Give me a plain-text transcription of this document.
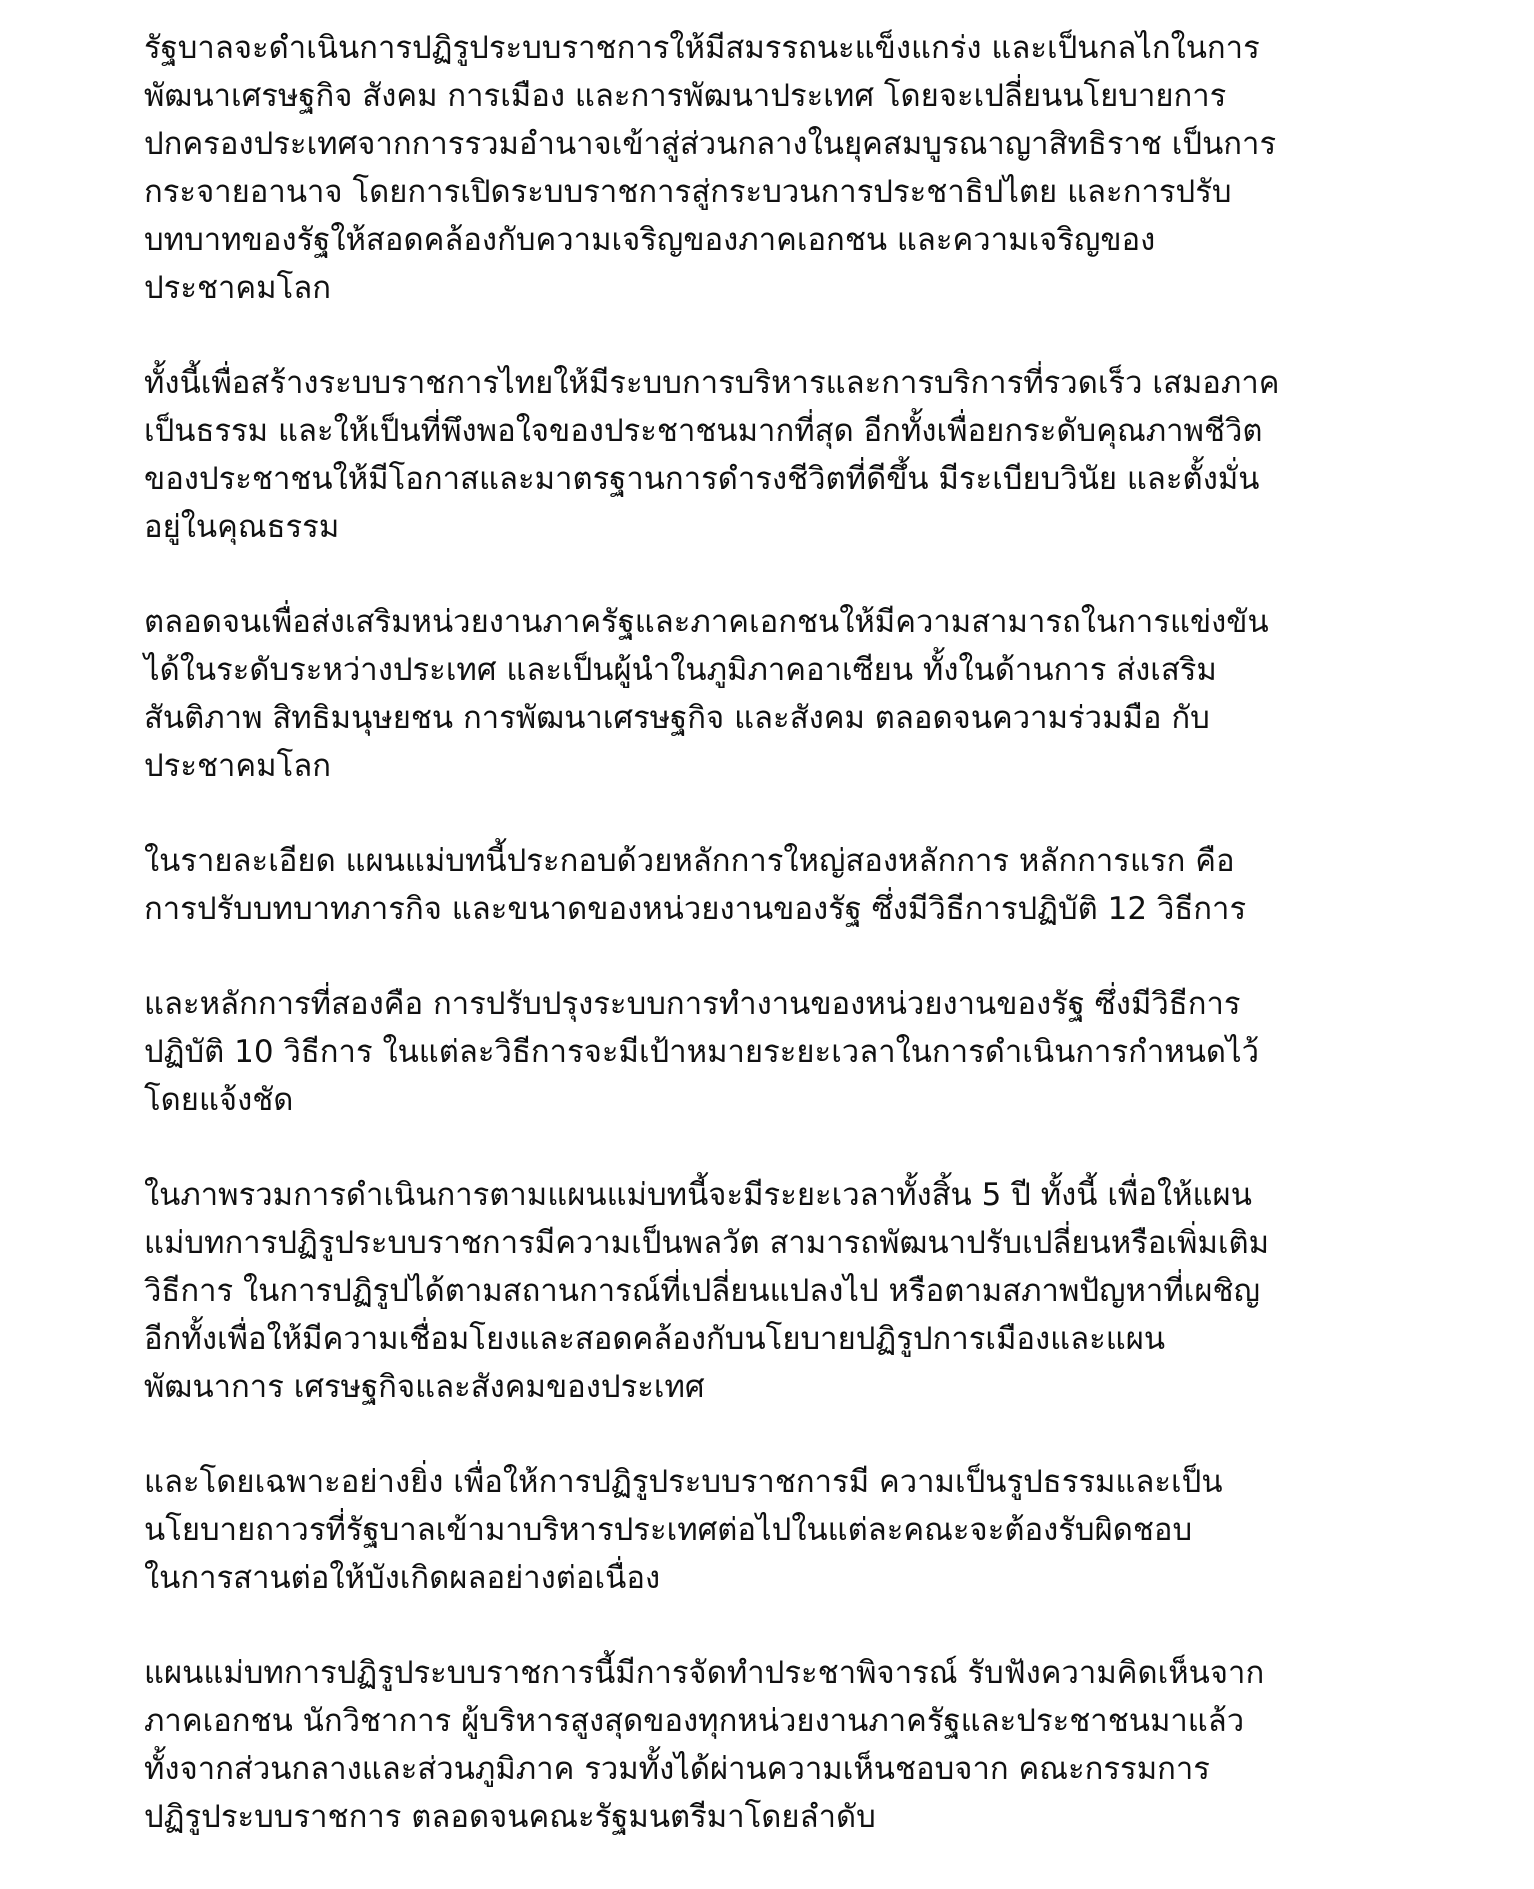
รัฐบาลจะดำเนินการปฏิรูประบบราชการให้มีสมรรถนะแข็งแกร่ง และเป็นกลไกในการ
พัฒนาเศรษฐกิจ สังคม การเมือง และการพัฒนาประเทศ โดยจะเปลี่ยนนโยบายการ
ปกครองประเทศจากการรวมอำนาจเข้าสู่ส่วนกลางในยุคสมบูรณาญาสิทธิราช เป็นการ
กระจายอานาจ โดยการเปิดระบบราชการสู่กระบวนการประชาธิปไตย และการปรับ
บทบาทของรัฐให้สอดคล้องกับความเจริญของภาคเอกชน และความเจริญของ
ประชาคมโลก

ทั้งนี้เพื่อสร้างระบบราชการไทยให้มีระบบการบริหารและการบริการที่รวดเร็ว เสมอภาค
เป็นธรรม และให้เป็นที่พึงพอใจของประชาชนมากที่สุด อีกทั้งเพื่อยกระดับคุณภาพชีวิต
ของประชาชนให้มีโอกาสและมาตรฐานการดำรงชีวิตที่ดีขึ้น มีระเบียบวินัย และตั้งมั่น
อยู่ในคุณธรรม

ตลอดจนเพื่อส่งเสริมหน่วยงานภาครัฐและภาคเอกชนให้มีความสามารถในการแข่งขัน
ได้ในระดับระหว่างประเทศ และเป็นผู้นำในภูมิภาคอาเซียน ทั้งในด้านการ ส่งเสริม
สันติภาพ สิทธิมนุษยชน การพัฒนาเศรษฐกิจ และสังคม ตลอดจนความร่วมมือ กับ
ประชาคมโลก

ในรายละเอียด แผนแม่บทนี้ประกอบด้วยหลักการใหญ่สองหลักการ หลักการแรก คือ
การปรับบทบาทภารกิจ และขนาดของหน่วยงานของรัฐ ซึ่งมีวิธีการปฏิบัติ 12 วิธีการ

และหลักการที่สองคือ การปรับปรุงระบบการทำงานของหน่วยงานของรัฐ ซึ่งมีวิธีการ
ปฏิบัติ 10 วิธีการ ในแต่ละวิธีการจะมีเป้าหมายระยะเวลาในการดำเนินการกำหนดไว้
โดยแจ้งชัด

ในภาพรวมการดำเนินการตามแผนแม่บทนี้จะมีระยะเวลาทั้งสิ้น 5 ปี ทั้งนี้ เพื่อให้แผน
แม่บทการปฏิรูประบบราชการมีความเป็นพลวัต สามารถพัฒนาปรับเปลี่ยนหรือเพิ่มเติม
วิธีการ ในการปฏิรูปได้ตามสถานการณ์ที่เปลี่ยนแปลงไป หรือตามสภาพปัญหาที่เผชิญ
อีกทั้งเพื่อให้มีความเชื่อมโยงและสอดคล้องกับนโยบายปฏิรูปการเมืองและแผน
พัฒนาการ เศรษฐกิจและสังคมของประเทศ

และโดยเฉพาะอย่างยิ่ง เพื่อให้การปฏิรูประบบราชการมี ความเป็นรูปธรรมและเป็น
นโยบายถาวรที่รัฐบาลเข้ามาบริหารประเทศต่อไปในแต่ละคณะจะต้องรับผิดชอบ
ในการสานต่อให้บังเกิดผลอย่างต่อเนื่อง

แผนแม่บทการปฏิรูประบบราชการนี้มีการจัดทำประชาพิจารณ์ รับฟังความคิดเห็นจาก
ภาคเอกชน นักวิชาการ ผู้บริหารสูงสุดของทุกหน่วยงานภาครัฐและประชาชนมาแล้ว
ทั้งจากส่วนกลางและส่วนภูมิภาค รวมทั้งได้ผ่านความเห็นชอบจาก คณะกรรมการ
ปฏิรูประบบราชการ ตลอดจนคณะรัฐมนตรีมาโดยลำดับ
